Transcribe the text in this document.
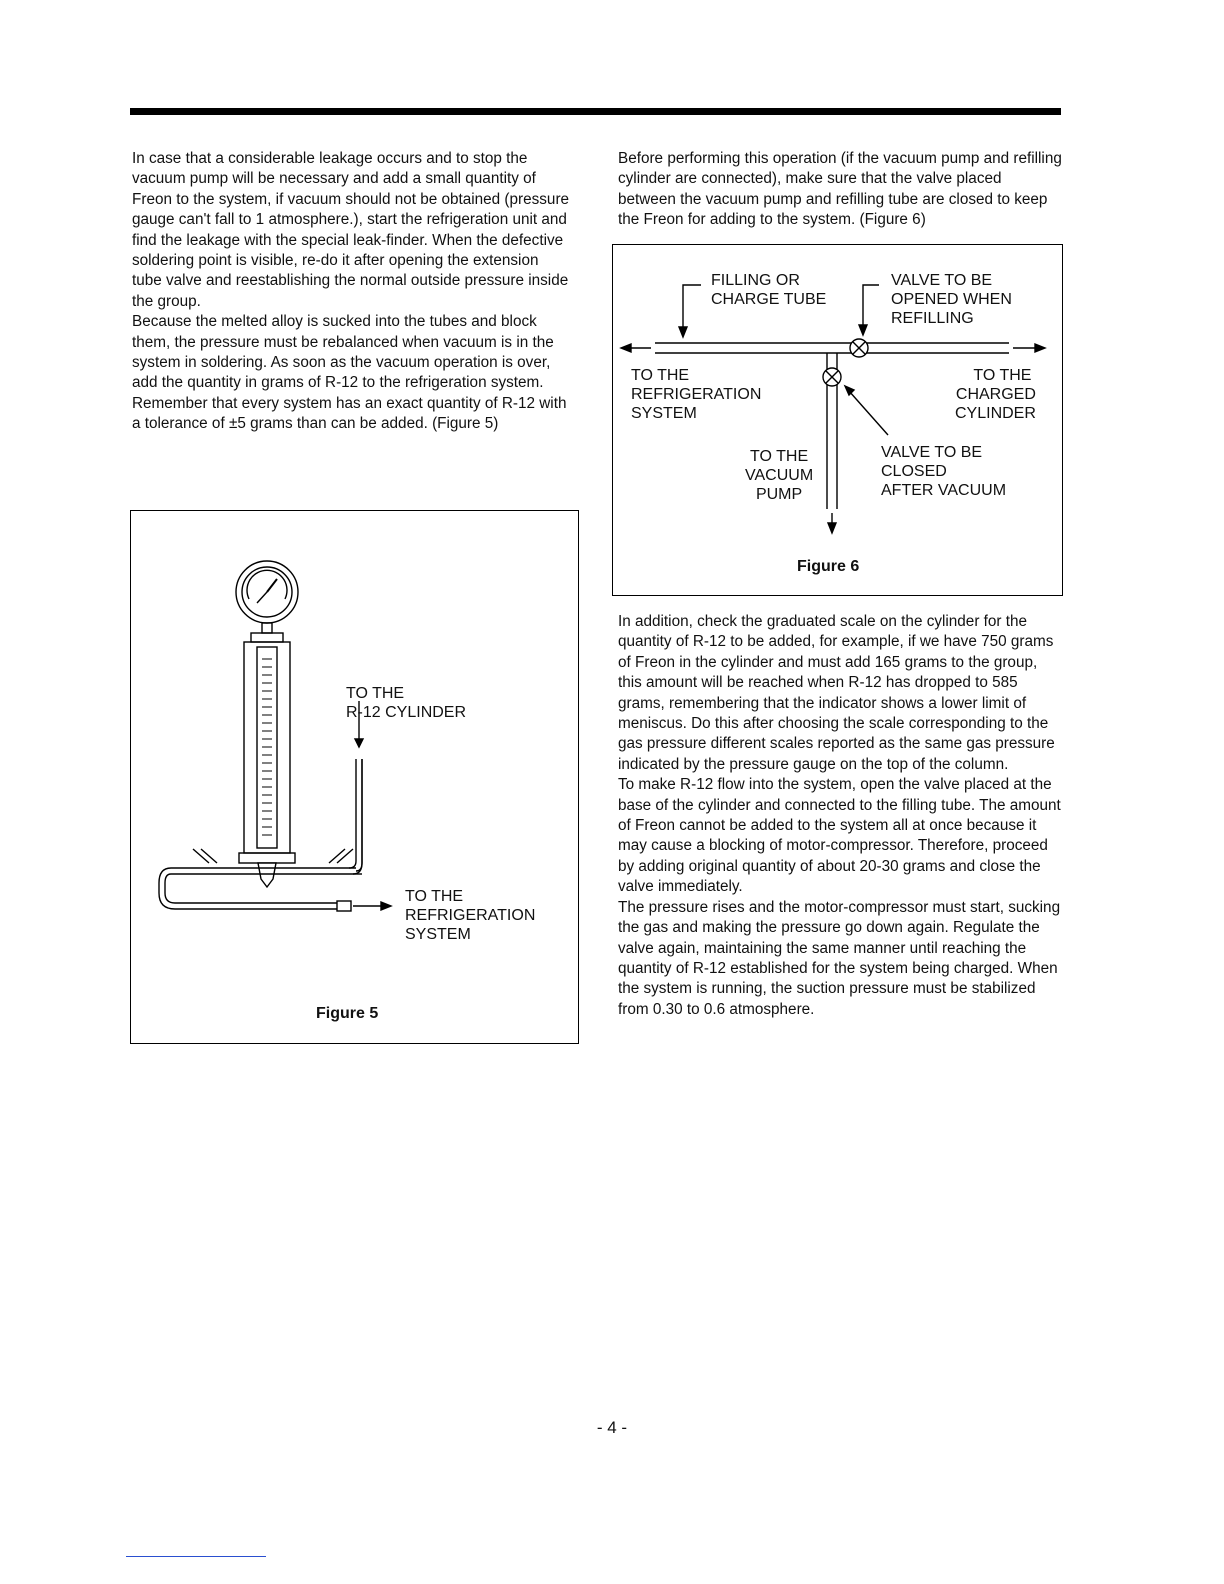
In case that a considerable leakage occurs and to stop the vacuum pump will be necessary and add a small quantity of Freon to the system, if vacuum should not be obtained (pressure gauge can't fall to 1 atmosphere.), start the refrigeration unit and find the leakage with the special leak-finder. When the defective soldering point is visible, re-do it after opening the extension tube valve and reestablishing the normal outside pressure inside the group.

Because the melted alloy is sucked into the tubes and block them, the pressure must be rebalanced when vacuum is in the system in soldering. As soon as the vacuum operation is over, add the quantity in grams of R-12 to the refrigeration system. Remember that every system has an exact quantity of R-12 with a tolerance of ±5 grams than can be added. (Figure 5)

TO THE
R-12 CYLINDER
TO THE
REFRIGERATION
SYSTEM
Figure 5

Before performing this operation (if the vacuum pump and refilling cylinder are connected), make sure that the valve placed between the vacuum pump and refilling tube are closed to keep the Freon for adding to the system. (Figure 6)

FILLING OR
CHARGE TUBE
VALVE TO BE
OPENED WHEN
REFILLING
TO THE
REFRIGERATION
SYSTEM
TO THE
CHARGED
CYLINDER
TO THE
VACUUM
PUMP
VALVE TO BE
CLOSED
AFTER VACUUM
Figure 6

In addition, check the graduated scale on the cylinder for the quantity of R-12 to be added, for example, if we have 750 grams of Freon in the cylinder and must add 165 grams to the group, this amount will be reached when R-12 has dropped to 585 grams, remembering that the indicator shows a lower limit of meniscus. Do this after choosing the scale corresponding to the gas pressure different scales reported as the same gas pressure indicated by the pressure gauge on the top of the column.

To make R-12 flow into the system, open the valve placed at the base of the cylinder and connected to the filling tube. The amount of Freon cannot be added to the system all at once because it may cause a blocking of motor-compressor. Therefore, proceed by adding original quantity of about 20-30 grams and close the valve immediately.

The pressure rises and the motor-compressor must start, sucking the gas and making the pressure go down again. Regulate the valve again, maintaining the same manner until reaching the quantity of R-12 established for the system being charged. When the system is running, the suction pressure must be stabilized from 0.30 to 0.6 atmosphere.

- 4 -
